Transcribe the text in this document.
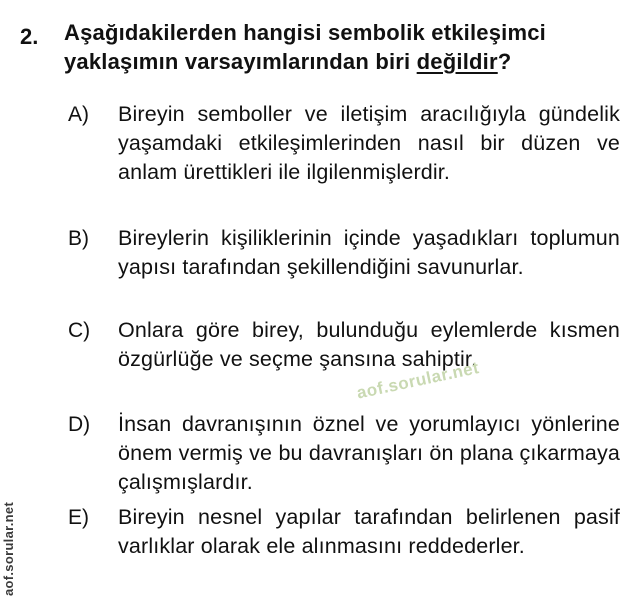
2. Aşağıdakilerden hangisi sembolik etkileşimci yaklaşımın varsayımlarından biri değildir?
A) Bireyin semboller ve iletişim aracılığıyla gündelik yaşamdaki etkileşimlerinden nasıl bir düzen ve anlam ürettikleri ile ilgilenmişlerdir.
B) Bireylerin kişiliklerinin içinde yaşadıkları toplumun yapısı tarafından şekillendiğini savunurlar.
C) Onlara göre birey, bulunduğu eylemlerde kısmen özgürlüğe ve seçme şansına sahiptir.
D) İnsan davranışının öznel ve yorumlayıcı yönlerine önem vermiş ve bu davranışları ön plana çıkarmaya çalışmışlardır.
E) Bireyin nesnel yapılar tarafından belirlenen pasif varlıklar olarak ele alınmasını reddederler.
aof.sorular.net
aof.sorular.net
